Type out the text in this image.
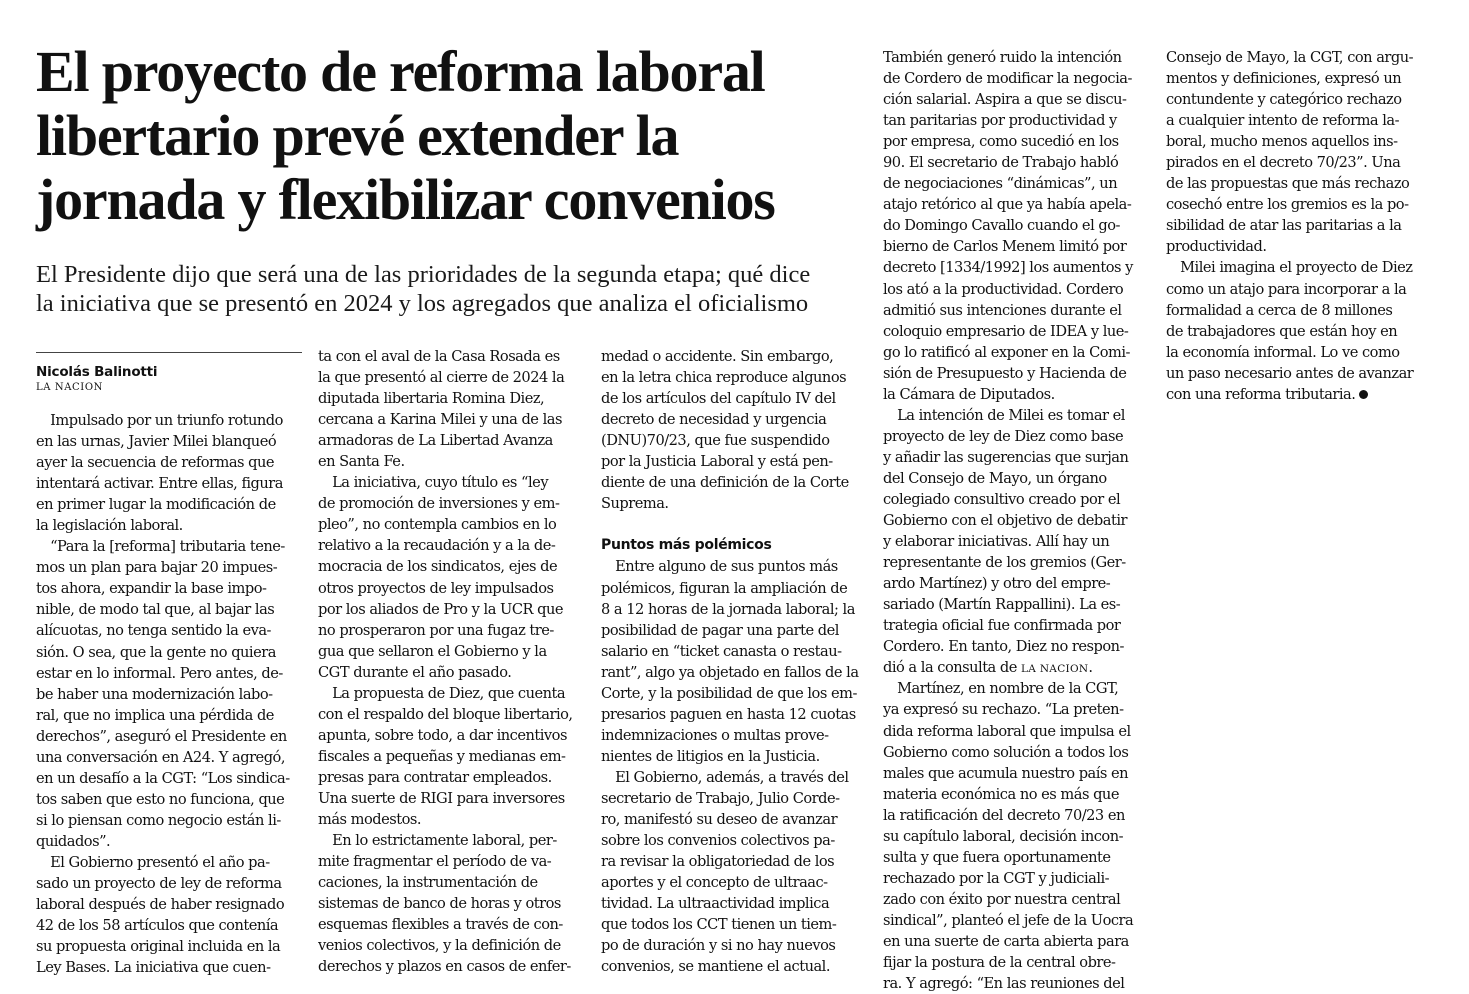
El proyecto de reforma laboral
libertario prevé extender la
jornada y flexibilizar convenios

El Presidente dijo que será una de las prioridades de la segunda etapa; qué dice
la iniciativa que se presentó en 2024 y los agregados que analiza el oficialismo

Nicolás Balinotti
LA NACION
 Impulsado por un triunfo rotundo
en las urnas, Javier Milei blanqueó
ayer la secuencia de reformas que
intentará activar. Entre ellas, figura
en primer lugar la modificación de
la legislación laboral.
 “Para la [reforma] tributaria tene-
mos un plan para bajar 20 impues-
tos ahora, expandir la base impo-
nible, de modo tal que, al bajar las
alícuotas, no tenga sentido la eva-
sión. O sea, que la gente no quiera
estar en lo informal. Pero antes, de-
be haber una modernización labo-
ral, que no implica una pérdida de
derechos”, aseguró el Presidente en
una conversación en A24. Y agregó,
en un desafío a la CGT: “Los sindica-
tos saben que esto no funciona, que
si lo piensan como negocio están li-
quidados”.
 El Gobierno presentó el año pa-
sado un proyecto de ley de reforma
laboral después de haber resignado
42 de los 58 artículos que contenía
su propuesta original incluida en la
Ley Bases. La iniciativa que cuen-
ta con el aval de la Casa Rosada es
la que presentó al cierre de 2024 la
diputada libertaria Romina Diez,
cercana a Karina Milei y una de las
armadoras de La Libertad Avanza
en Santa Fe.
 La iniciativa, cuyo título es “ley
de promoción de inversiones y em-
pleo”, no contempla cambios en lo
relativo a la recaudación y a la de-
mocracia de los sindicatos, ejes de
otros proyectos de ley impulsados
por los aliados de Pro y la UCR que
no prosperaron por una fugaz tre-
gua que sellaron el Gobierno y la
CGT durante el año pasado.
 La propuesta de Diez, que cuenta
con el respaldo del bloque libertario,
apunta, sobre todo, a dar incentivos
fiscales a pequeñas y medianas em-
presas para contratar empleados.
Una suerte de RIGI para inversores
más modestos.
 En lo estrictamente laboral, per-
mite fragmentar el período de va-
caciones, la instrumentación de
sistemas de banco de horas y otros
esquemas flexibles a través de con-
venios colectivos, y la definición de
derechos y plazos en casos de enfer-
medad o accidente. Sin embargo,
en la letra chica reproduce algunos
de los artículos del capítulo IV del
decreto de necesidad y urgencia
(DNU)70/23, que fue suspendido
por la Justicia Laboral y está pen-
diente de una definición de la Corte
Suprema.
Puntos más polémicos
 Entre alguno de sus puntos más
polémicos, figuran la ampliación de
8 a 12 horas de la jornada laboral; la
posibilidad de pagar una parte del
salario en “ticket canasta o restau-
rant”, algo ya objetado en fallos de la
Corte, y la posibilidad de que los em-
presarios paguen en hasta 12 cuotas
indemnizaciones o multas prove-
nientes de litigios en la Justicia.
 El Gobierno, además, a través del
secretario de Trabajo, Julio Corde-
ro, manifestó su deseo de avanzar
sobre los convenios colectivos pa-
ra revisar la obligatoriedad de los
aportes y el concepto de ultraac-
tividad. La ultraactividad implica
que todos los CCT tienen un tiem-
po de duración y si no hay nuevos
convenios, se mantiene el actual.
También generó ruido la intención
de Cordero de modificar la negocia-
ción salarial. Aspira a que se discu-
tan paritarias por productividad y
por empresa, como sucedió en los
90. El secretario de Trabajo habló
de negociaciones “dinámicas”, un
atajo retórico al que ya había apela-
do Domingo Cavallo cuando el go-
bierno de Carlos Menem limitó por
decreto [1334/1992] los aumentos y
los ató a la productividad. Cordero
admitió sus intenciones durante el
coloquio empresario de IDEA y lue-
go lo ratificó al exponer en la Comi-
sión de Presupuesto y Hacienda de
la Cámara de Diputados.
 La intención de Milei es tomar el
proyecto de ley de Diez como base
y añadir las sugerencias que surjan
del Consejo de Mayo, un órgano
colegiado consultivo creado por el
Gobierno con el objetivo de debatir
y elaborar iniciativas. Allí hay un
representante de los gremios (Ger-
ardo Martínez) y otro del empre-
sariado (Martín Rappallini). La es-
trategia oficial fue confirmada por
Cordero. En tanto, Diez no respon-
dió a la consulta de LA NACION.
 Martínez, en nombre de la CGT,
ya expresó su rechazo. “La preten-
dida reforma laboral que impulsa el
Gobierno como solución a todos los
males que acumula nuestro país en
materia económica no es más que
la ratificación del decreto 70/23 en
su capítulo laboral, decisión incon-
sulta y que fuera oportunamente
rechazado por la CGT y judiciali-
zado con éxito por nuestra central
sindical”, planteó el jefe de la Uocra
en una suerte de carta abierta para
fijar la postura de la central obre-
ra. Y agregó: “En las reuniones del
Consejo de Mayo, la CGT, con argu-
mentos y definiciones, expresó un
contundente y categórico rechazo
a cualquier intento de reforma la-
boral, mucho menos aquellos ins-
pirados en el decreto 70/23”. Una
de las propuestas que más rechazo
cosechó entre los gremios es la po-
sibilidad de atar las paritarias a la
productividad.
 Milei imagina el proyecto de Diez
como un atajo para incorporar a la
formalidad a cerca de 8 millones
de trabajadores que están hoy en
la economía informal. Lo ve como
un paso necesario antes de avanzar
con una reforma tributaria.
